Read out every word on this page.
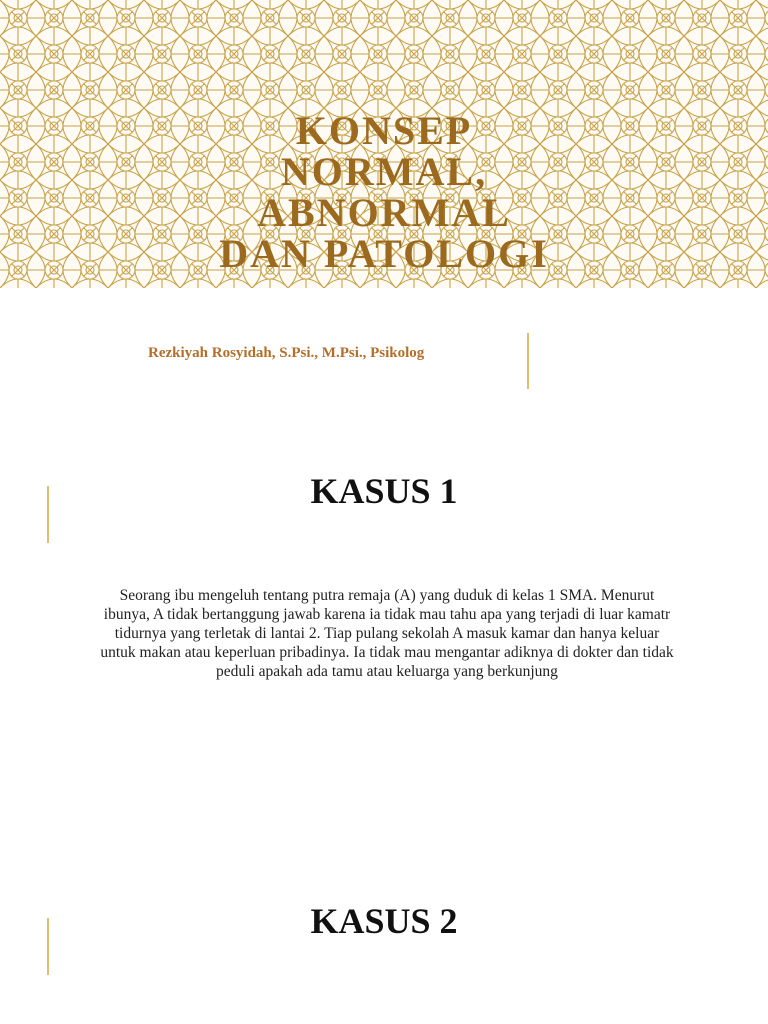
KONSEP
NORMAL,
ABNORMAL
DAN PATOLOGI
Rezkiyah Rosyidah, S.Psi., M.Psi., Psikolog
KASUS 1
Seorang ibu mengeluh tentang putra remaja (A) yang duduk di kelas 1 SMA. Menurut
ibunya, A tidak bertanggung jawab karena ia tidak mau tahu apa yang terjadi di luar kamatr
tidurnya yang terletak di lantai 2. Tiap pulang sekolah A masuk kamar dan hanya keluar
untuk makan atau keperluan pribadinya. Ia tidak mau mengantar adiknya di dokter dan tidak
peduli apakah ada tamu atau keluarga yang berkunjung
KASUS 2
